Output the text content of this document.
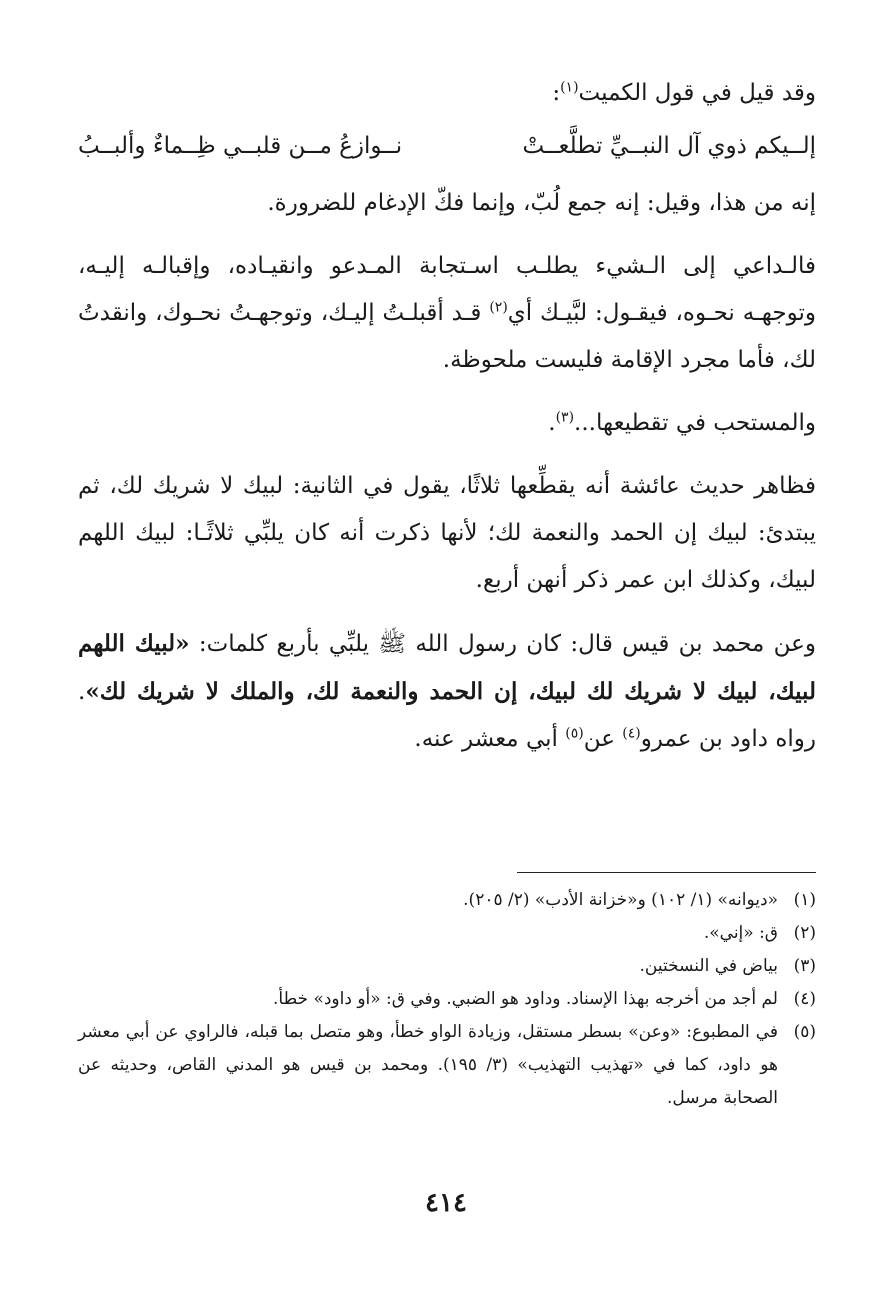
وقد قيل في قول الكميت$^{(١)}$:

إلــيكم ذوي آل النبــيِّ تطلَّعــتْ
نــوازعُ مــن قلبــي ظِــماءٌ وألبــبُ

إنه من هذا، وقيل: إنه جمع لُبّ، وإنما فكّ الإدغام للضرورة.

فالـداعي إلى الـشيء يطلـب اسـتجابة المـدعو وانقيـاده، وإقبالـه إليـه، وتوجهـه نحـوه، فيقـول: لبَّيـك أي$^{(٢)}$ قـد أقبلـتُ إليـك، وتوجهـتُ نحـوك، وانقدتُ لك، فأما مجرد الإقامة فليست ملحوظة.

والمستحب في تقطيعها...$^{(٣)}$.

فظاهر حديث عائشة أنه يقطِّعها ثلاثًا، يقول في الثانية: لبيك لا شريك لك، ثم يبتدئ: لبيك إن الحمد والنعمة لك؛ لأنها ذكرت أنه كان يلبِّي ثلاثًـا: لبيك اللهم لبيك، وكذلك ابن عمر ذكر أنهن أربع.

وعن محمد بن قيس قال: كان رسول الله ﷺ يلبِّي بأربع كلمات: «لبيك اللهم لبيك، لبيك لا شريك لك لبيك، إن الحمد والنعمة لك، والملك لا شريك لك». رواه داود بن عمرو$^{(٤)}$ عن$^{(٥)}$ أبي معشر عنه.

(١)
«ديوانه» (١/ ١٠٢) و«خزانة الأدب» (٢/ ٢٠٥).
(٢)
ق: «إني».
(٣)
بياض في النسختين.
(٤)
لم أجد من أخرجه بهذا الإسناد. وداود هو الضبي. وفي ق: «أو داود» خطأ.
(٥)
في المطبوع: «وعن» بسطر مستقل، وزيادة الواو خطأ، وهو متصل بما قبله، فالراوي عن أبي معشر هو داود، كما في «تهذيب التهذيب» (٣/ ١٩٥). ومحمد بن قيس هو المدني القاص، وحديثه عن الصحابة مرسل.
٤١٤
